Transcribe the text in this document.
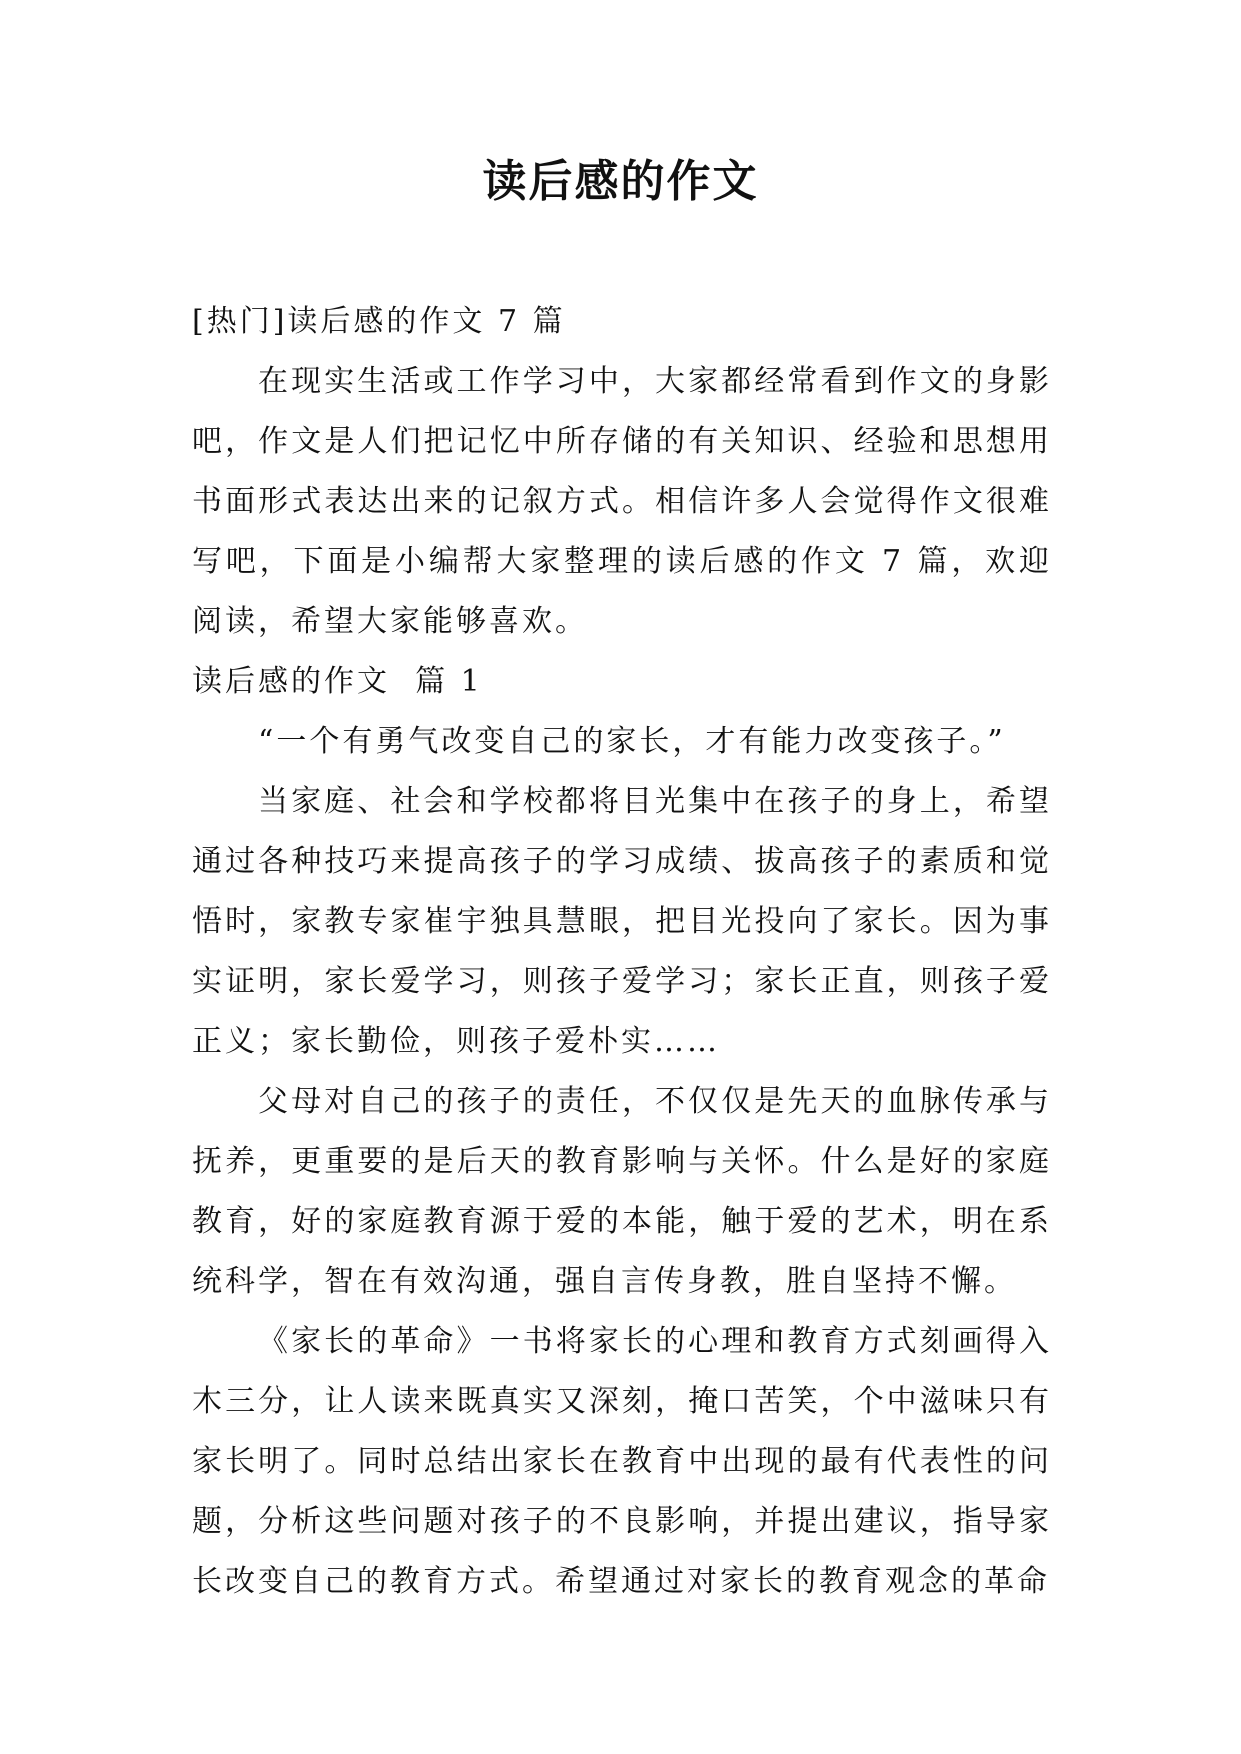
读后感的作文

[热门]读后感的作文 7 篇

在现实生活或工作学习中，大家都经常看到作文的身影吧，作文是人们把记忆中所存储的有关知识、经验和思想用书面形式表达出来的记叙方式。相信许多人会觉得作文很难写吧，下面是小编帮大家整理的读后感的作文 7 篇，欢迎阅读，希望大家能够喜欢。

读后感的作文  篇 1

“一个有勇气改变自己的家长，才有能力改变孩子。”

当家庭、社会和学校都将目光集中在孩子的身上，希望通过各种技巧来提高孩子的学习成绩、拔高孩子的素质和觉悟时，家教专家崔宇独具慧眼，把目光投向了家长。因为事实证明，家长爱学习，则孩子爱学习；家长正直，则孩子爱正义；家长勤俭，则孩子爱朴实……

父母对自己的孩子的责任，不仅仅是先天的血脉传承与抚养，更重要的是后天的教育影响与关怀。什么是好的家庭教育，好的家庭教育源于爱的本能，触于爱的艺术，明在系统科学，智在有效沟通，强自言传身教，胜自坚持不懈。

《家长的革命》一书将家长的心理和教育方式刻画得入木三分，让人读来既真实又深刻，掩口苦笑，个中滋味只有家长明了。同时总结出家长在教育中出现的最有代表性的问题，分析这些问题对孩子的不良影响，并提出建议，指导家长改变自己的教育方式。希望通过对家长的教育观念的革命
